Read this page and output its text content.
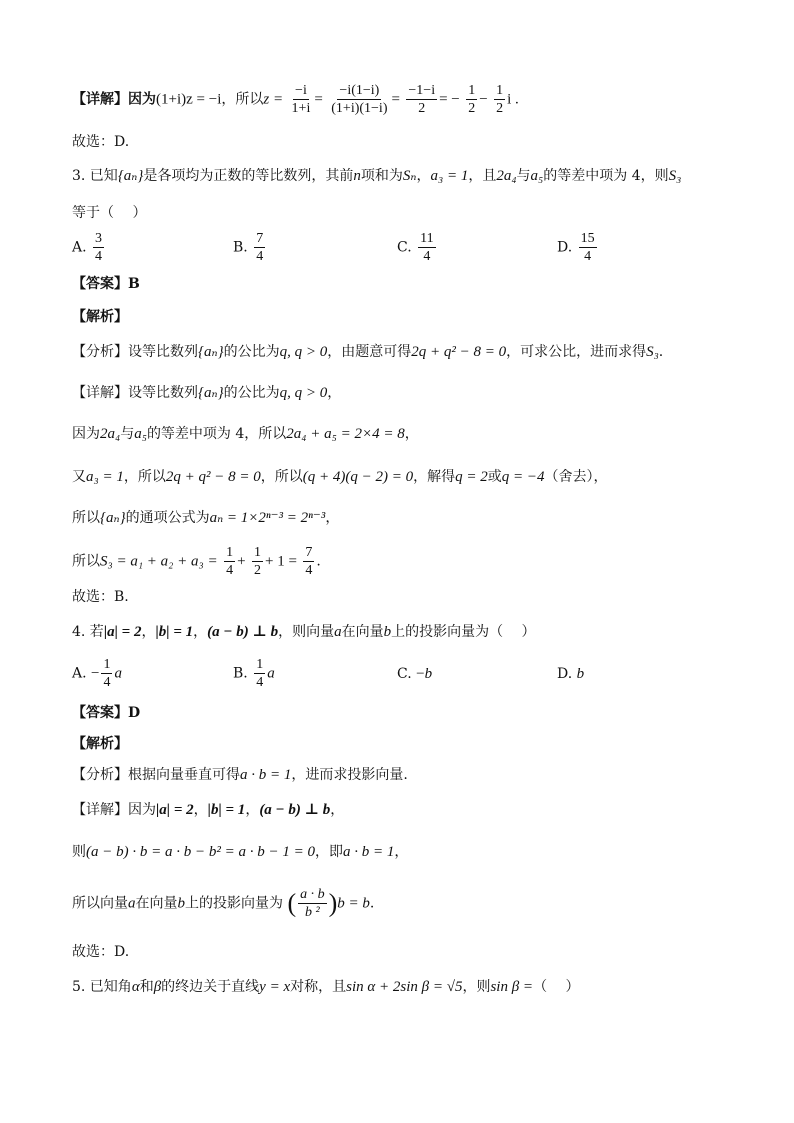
【详解】因为(1+i)z = −i，所以$z = \frac{-i}{1+i} = \frac{-i(1-i)}{(1+i)(1-i)} = \frac{-1-i}{2}$ = − $\frac{1}{2} - \frac{1}{2}$ i .
故选：D.
3. 已知{aₙ}是各项均为正数的等比数列，其前n项和为Sₙ，a₃ = 1，且2a₄与a₅的等差中项为 4，则S₃
等于（　 ）
A. $\frac{3}{4}$	B. $\frac{7}{4}$	C. $\frac{11}{4}$	D. $\frac{15}{4}$
【答案】B
【解析】
【分析】设等比数列{aₙ}的公比为q, q > 0，由题意可得2q + q² − 8 = 0，可求公比，进而求得S₃.
【详解】设等比数列{aₙ}的公比为q, q > 0，
因为2a₄与a₅的等差中项为 4，所以2a₄ + a₅ = 2×4 = 8，
又a₃ = 1，所以2q + q² − 8 = 0，所以(q + 4)(q − 2) = 0，解得q = 2或q = −4（舍去），
所以{aₙ}的通项公式为aₙ = 1×2ⁿ⁻³ = 2ⁿ⁻³，
所以$S_3 = a_1 + a_2 + a_3 = \frac{1}{4} + \frac{1}{2} + 1 = \frac{7}{4}$ .
故选：B.
4. 若|a| = 2，|b| = 1，(a − b) ⊥ b，则向量a在向量b上的投影向量为（　 ）
A. − $\frac{1}{4}$ a	B. $\frac{1}{4}$ a	C. −b	D. b
【答案】D
【解析】
【分析】根据向量垂直可得a · b = 1，进而求投影向量.
【详解】因为|a| = 2，|b| = 1，(a − b) ⊥ b，
则(a − b) · b = a · b − b² = a · b − 1 = 0，即a · b = 1，
所以向量a在向量b上的投影向量为 ( $\frac{a \cdot b}{\text{b ²}} )b = b$.
故选：D.
5. 已知角α和β的终边关于直线y = x对称，且sin α + 2sin β = √5，则sin β =（　 ）
